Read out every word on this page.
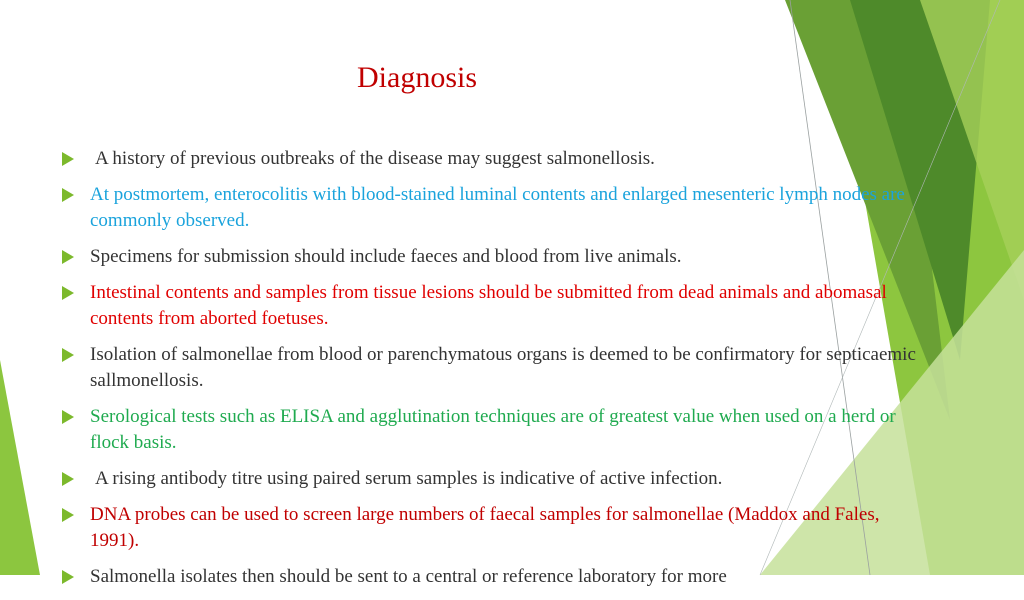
Diagnosis
A history of previous outbreaks of the disease may suggest salmonellosis.
At postmortem, enterocolitis with blood-stained luminal contents and enlarged mesenteric lymph nodes are commonly observed.
Specimens for submission should include faeces and blood from live animals.
Intestinal contents and samples from tissue lesions should be submitted from dead animals and abomasal contents from aborted foetuses.
Isolation of salmonellae from blood or parenchymatous organs is deemed to be confirmatory for septicaemic sallmonellosis.
Serological tests such as ELISA and agglutination techniques are of greatest value when used on a herd or flock basis.
A rising antibody titre using paired serum samples is indicative of active infection.
DNA probes can be used to screen large numbers of faecal samples for salmonellae (Maddox and Fales, 1991).
Salmonella isolates then should be sent to a central or reference laboratory for more
